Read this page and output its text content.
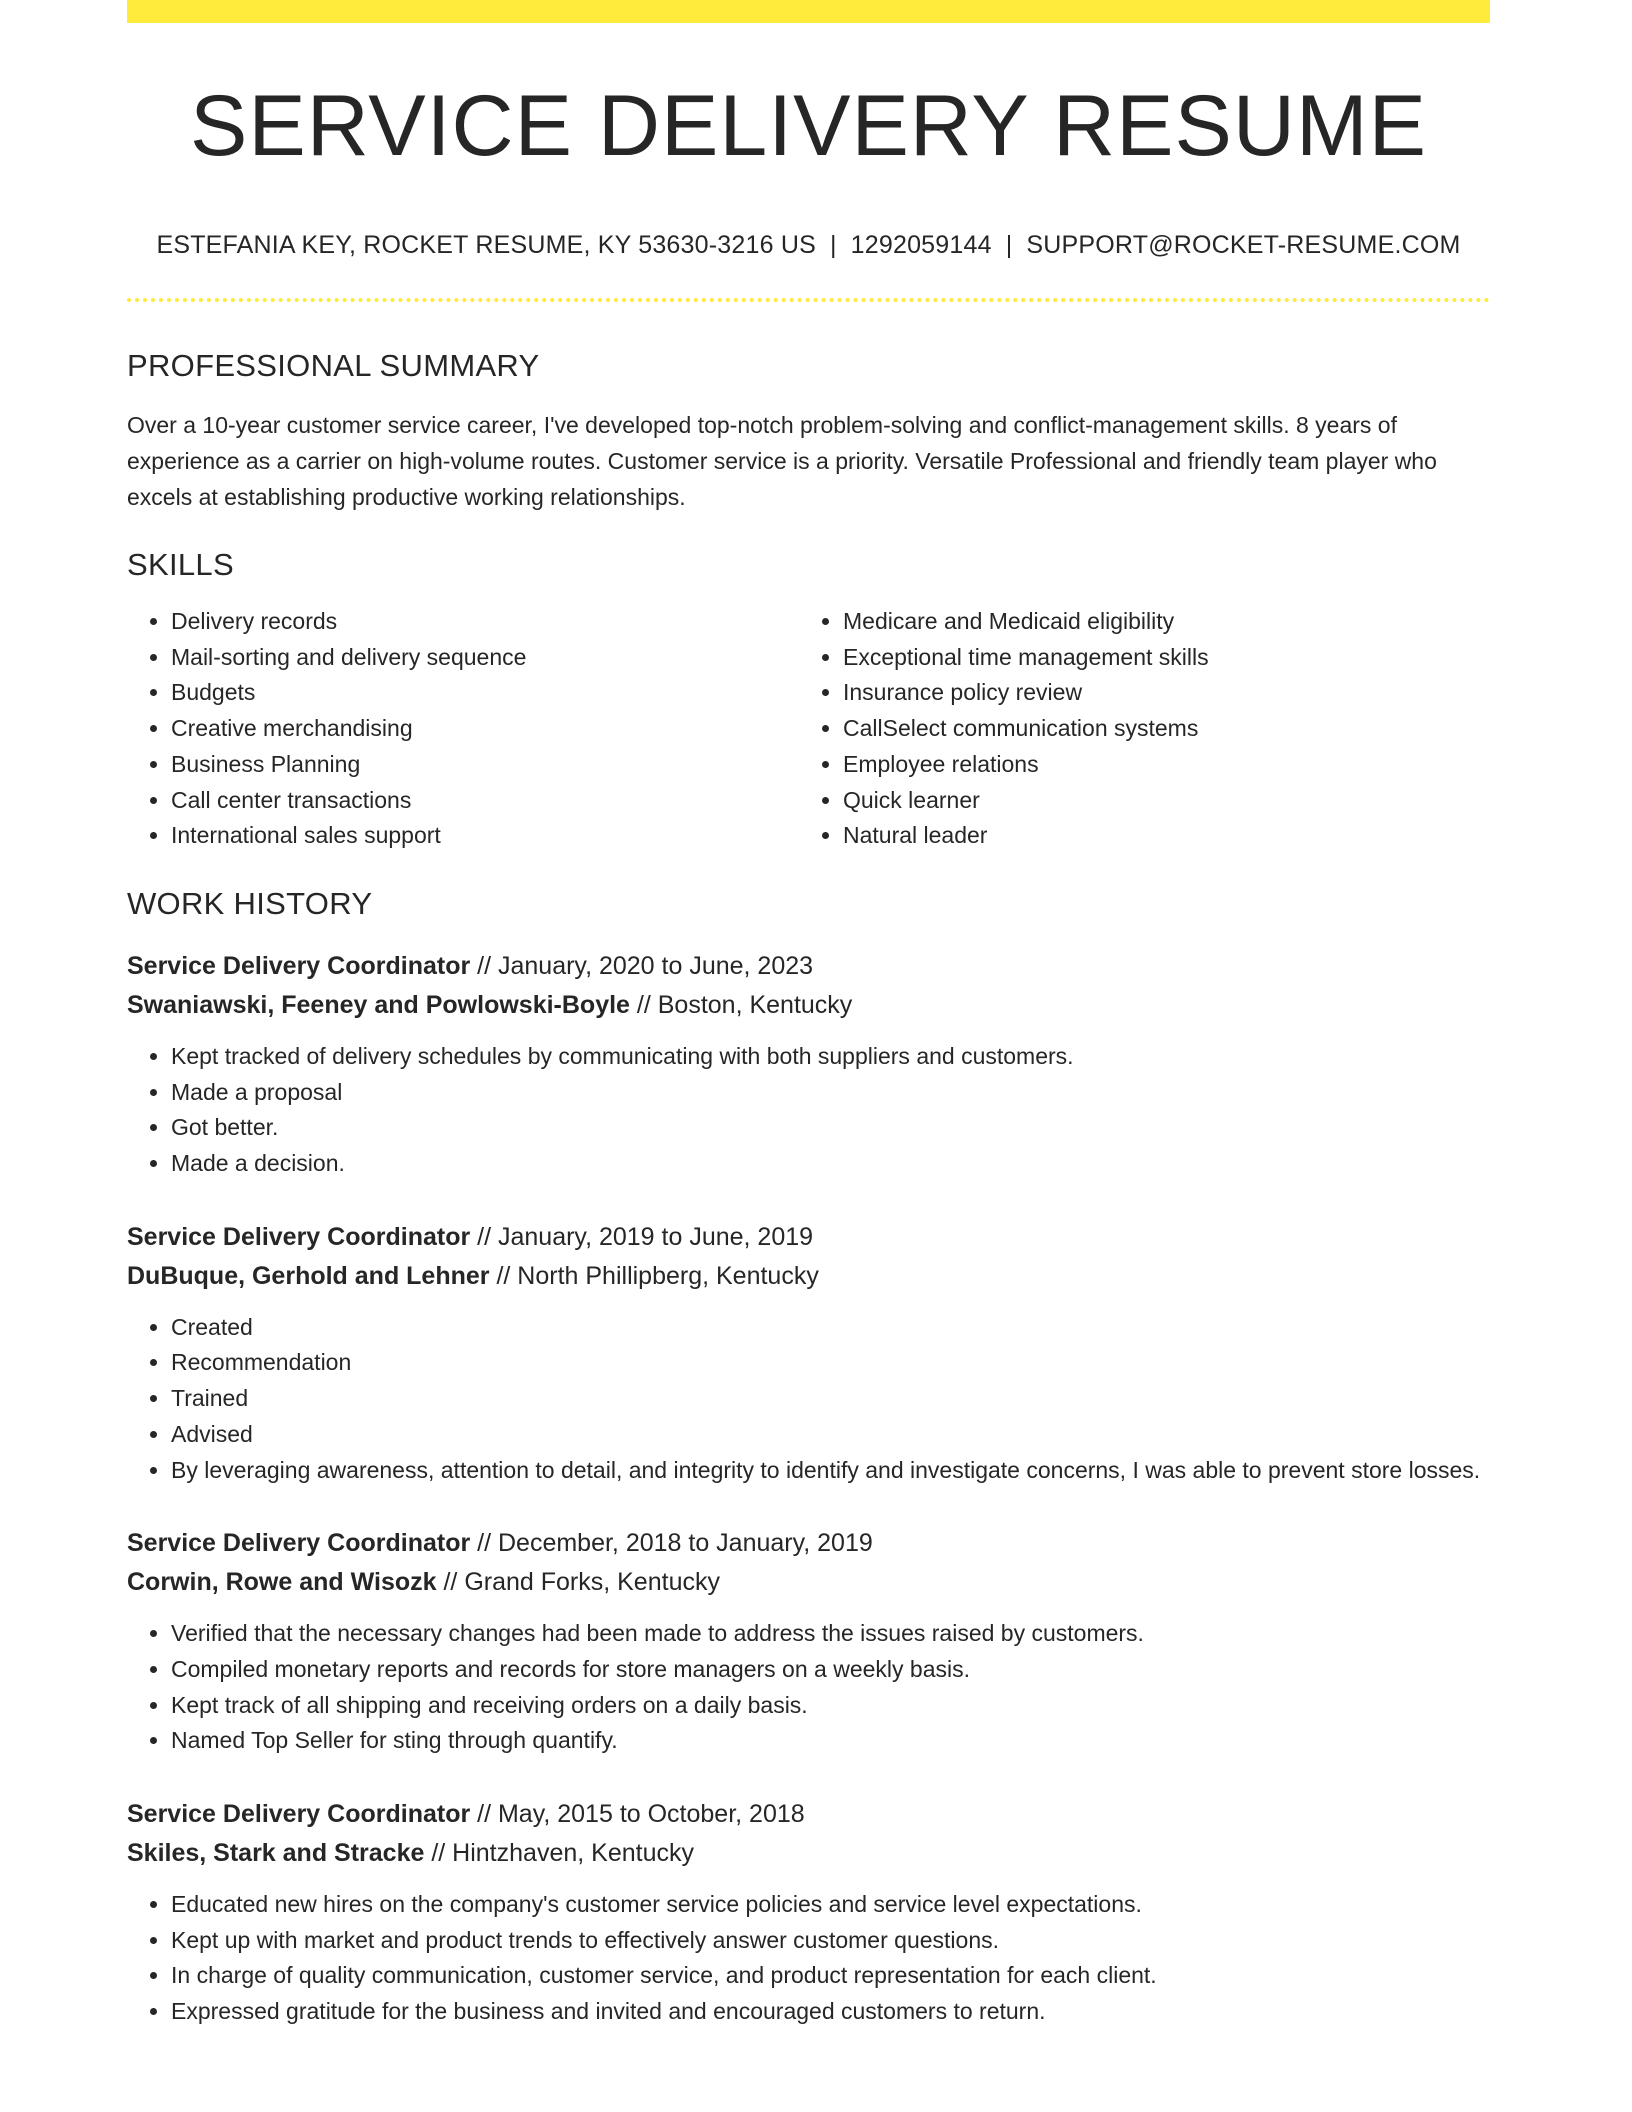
SERVICE DELIVERY RESUME
ESTEFANIA KEY, ROCKET RESUME, KY 53630-3216 US | 1292059144 | SUPPORT@ROCKET-RESUME.COM
PROFESSIONAL SUMMARY

Over a 10-year customer service career, I've developed top-notch problem-solving and conflict-management skills. 8 years of experience as a carrier on high-volume routes. Customer service is a priority. Versatile Professional and friendly team player who excels at establishing productive working relationships.

SKILLS
• Delivery records
• Mail-sorting and delivery sequence
• Budgets
• Creative merchandising
• Business Planning
• Call center transactions
• International sales support
• Medicare and Medicaid eligibility
• Exceptional time management skills
• Insurance policy review
• CallSelect communication systems
• Employee relations
• Quick learner
• Natural leader
WORK HISTORY
Service Delivery Coordinator // January, 2020 to June, 2023
Swaniawski, Feeney and Powlowski-Boyle // Boston, Kentucky
• Kept tracked of delivery schedules by communicating with both suppliers and customers.
• Made a proposal
• Got better.
• Made a decision.
Service Delivery Coordinator // January, 2019 to June, 2019
DuBuque, Gerhold and Lehner // North Phillipberg, Kentucky
• Created
• Recommendation
• Trained
• Advised
• By leveraging awareness, attention to detail, and integrity to identify and investigate concerns, I was able to prevent store losses.
Service Delivery Coordinator // December, 2018 to January, 2019
Corwin, Rowe and Wisozk // Grand Forks, Kentucky
• Verified that the necessary changes had been made to address the issues raised by customers.
• Compiled monetary reports and records for store managers on a weekly basis.
• Kept track of all shipping and receiving orders on a daily basis.
• Named Top Seller for sting through quantify.
Service Delivery Coordinator // May, 2015 to October, 2018
Skiles, Stark and Stracke // Hintzhaven, Kentucky
• Educated new hires on the company's customer service policies and service level expectations.
• Kept up with market and product trends to effectively answer customer questions.
• In charge of quality communication, customer service, and product representation for each client.
• Expressed gratitude for the business and invited and encouraged customers to return.
